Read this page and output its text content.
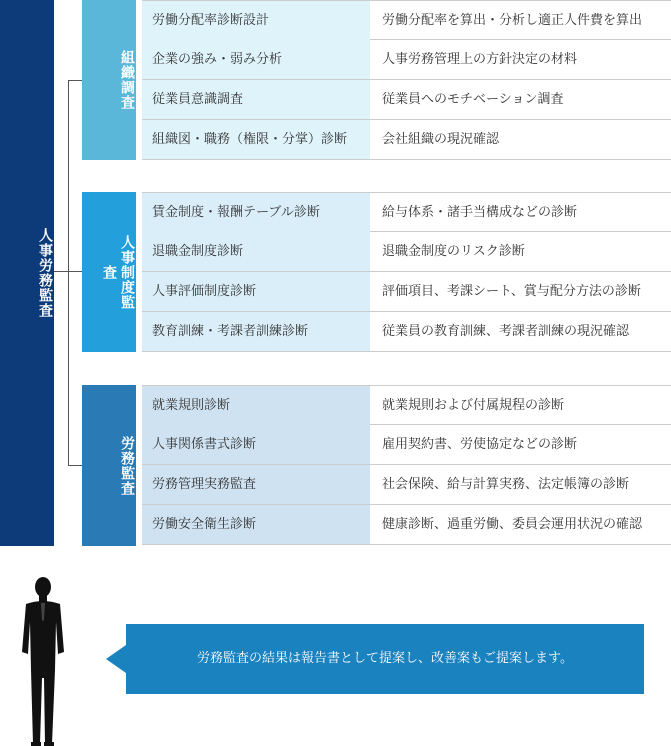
人事労務監査
組織調査
労働分配率診断設計	労働分配率を算出・分析し適正人件費を算出
企業の強み・弱み分析	人事労務管理上の方針決定の材料
従業員意識調査	従業員へのモチベーション調査
組織図・職務（権限・分掌）診断	会社組織の現況確認
人事制度監査
賃金制度・報酬テーブル診断	給与体系・諸手当構成などの診断
退職金制度診断	退職金制度のリスク診断
人事評価制度診断	評価項目、考課シート、賞与配分方法の診断
教育訓練・考課者訓練診断	従業員の教育訓練、考課者訓練の現況確認
労務監査
就業規則診断	就業規則および付属規程の診断
人事関係書式診断	雇用契約書、労使協定などの診断
労務管理実務監査	社会保険、給与計算実務、法定帳簿の診断
労働安全衛生診断	健康診断、過重労働、委員会運用状況の確認
労務監査の結果は報告書として提案し、改善案もご提案します。
